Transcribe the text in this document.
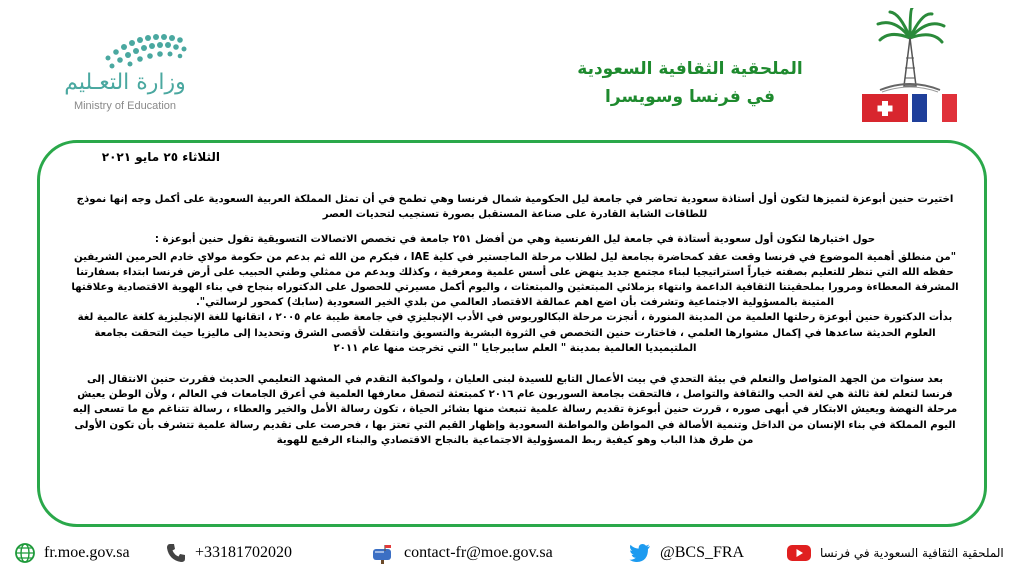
وزارة التعـليم
Ministry of Education
الملحقية الثقافية السعودية
في فرنسا وسويسرا
الثلاثاء ٢٥ مايو ٢٠٢١

اختيرت حنين أبوعزة لتميزها لتكون أول أستاذة سعودية تحاضر في جامعة ليل الحكومية شمال فرنسا وهي تطمح في أن تمثل المملكة العربية السعودية على أكمل وجه إنها نموذج للطاقات الشابة القادرة على صناعة المستقبل بصورة تستجيب لتحديات العصر

حول اختيارها لتكون أول سعودية أستاذة في جامعة ليل الفرنسية وهي من أفضل ٢٥١ جامعة في تخصص الاتصالات التسويقية تقول حنين أبوعزة :

"من منطلق أهمية الموضوع في فرنسا وقعت عقد كمحاضرة بجامعة ليل لطلاب مرحلة الماجستير في كلية IAE ، فبكرم من الله ثم بدعم من حكومة مولاي خادم الحرمين الشريفين حفظه الله التي تنظر للتعليم بصفته خياراً استراتيجيا لبناء مجتمع جديد ينهض على أسس علمية ومعرفية ، وكذلك وبدعم من ممثلي وطني الحبيب على أرض فرنسا ابتداء بسفارتنا المشرفة المعطاءة ومرورا بملحقيتنا الثقافية الداعمة وانتهاء بزملائي المبتعثين والمبتعثات ، واليوم أكمل مسيرتي للحصول على الدكتوراه بنجاح في بناء الهوية الاقتصادية وعلاقتها المتينة بالمسؤولية الاجتماعية وتشرفت بأن اضع اهم عمالقة الاقتصاد العالمي من بلدي الخير السعودية (سابك) كمحور لرسالتي".

بدأت الدكتورة حنين أبوعزة رحلتها العلمية من المدينة المنورة ، أنجزت مرحلة البكالوريوس في الأدب الإنجليزي في جامعة طيبة عام ٢٠٠٥ ، اتقانها للغة الإنجليزية كلغة عالمية لغة العلوم الحديثة ساعدها في إكمال مشوارها العلمي ، فاختارت حنين التخصص في الثروة البشرية والتسويق وانتقلت لأقصى الشرق وتحديدا إلى ماليزيا حيث التحقت بجامعة الملتيميديا العالمية بمدينة " العلم سايبرجايا " التي تخرجت منها عام ٢٠١١

بعد سنوات من الجهد المتواصل والتعلم في بيئة التحدي في بيت الأعمال التابع للسيدة لبنى العليان ، ولمواكبة التقدم في المشهد التعليمي الحديث فقررت حنين الانتقال إلى فرنسا لتعلم لغة ثالثة هي لغة الحب والثقافة والتواصل ، فالتحقت بجامعة السوربون عام ٢٠١٦ كمبتعثة لتصقل معارفها العلمية في أعرق الجامعات في العالم ، ولأن الوطن يعيش مرحلة النهضة ويعيش الابتكار في أبهى صوره ، قررت حنين أبوعزة تقديم رسالة علمية تنبعث منها بشائر الحياة ، تكون رسالة الأمل والخير والعطاء ، رسالة تتناغم مع ما تسعى إليه اليوم المملكة في بناء الإنسان من الداخل وتنمية الأصالة في المواطن والمواطنة السعودية وإظهار القيم التي تعتز بها ، فحرصت على تقديم رسالة علمية تتشرف بأن تكون الأولى من طرق هذا الباب وهو كيفية ربط المسؤولية الاجتماعية بالنجاح الاقتصادي والبناء الرفيع للهوية

fr.moe.gov.sa	+33181702020	contact-fr@moe.gov.sa	@BCS_FRA	الملحقية الثقافية السعودية في فرنسا
